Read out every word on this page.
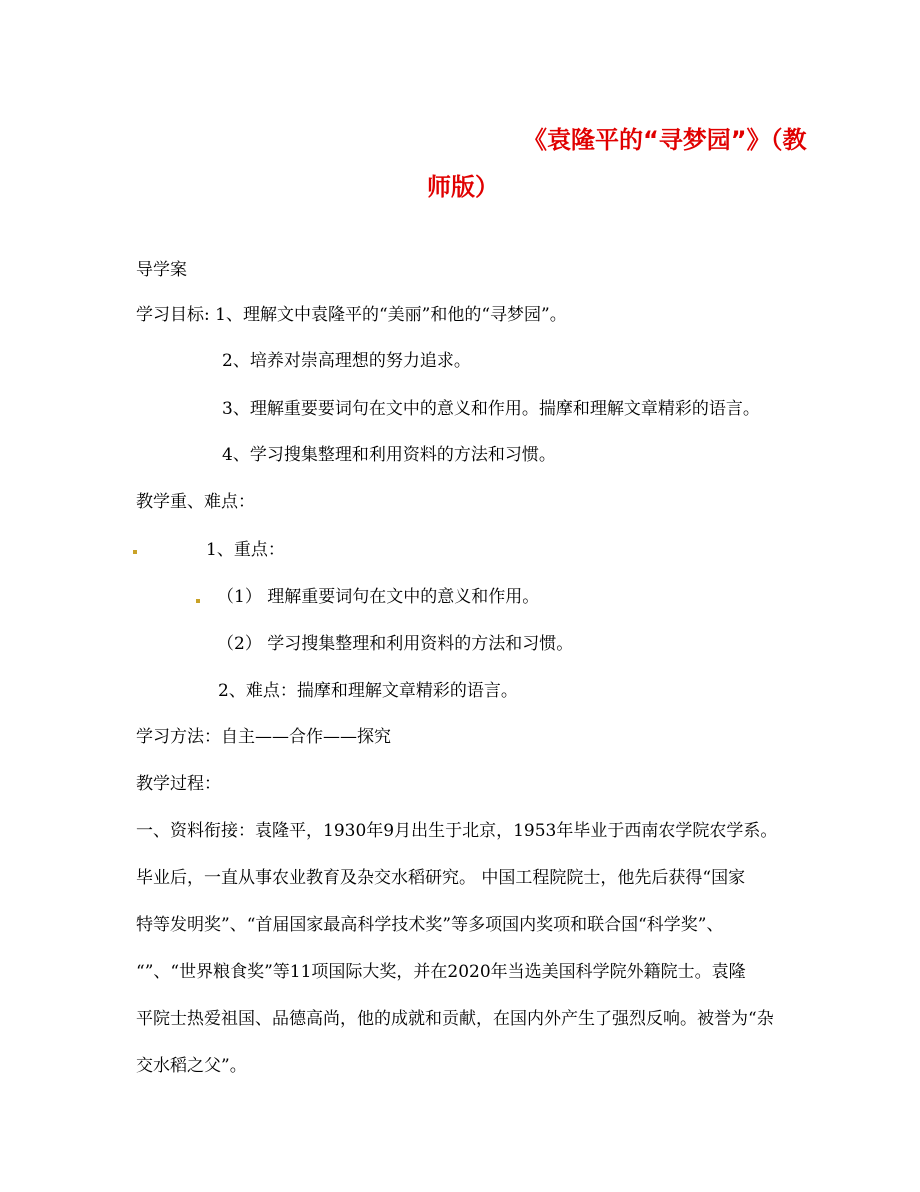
《袁隆平的“寻梦园”》（教
师版）
导学案
学习目标: 1、理解文中袁隆平的“美丽”和他的“寻梦园”。
2、培养对崇高理想的努力追求。
3、理解重要要词句在文中的意义和作用。揣摩和理解文章精彩的语言。
4、学习搜集整理和利用资料的方法和习惯。
教学重、难点：
1、重点：
（1） 理解重要词句在文中的意义和作用。
（2） 学习搜集整理和利用资料的方法和习惯。
2、难点：揣摩和理解文章精彩的语言。
学习方法：自主——合作——探究
教学过程：
一、资料衔接：袁隆平，1930年9月出生于北京，1953年毕业于西南农学院农学系。
毕业后，一直从事农业教育及杂交水稻研究。 中国工程院院士，他先后获得“国家
特等发明奖”、“首届国家最高科学技术奖”等多项国内奖项和联合国“科学奖”、
“”、“世界粮食奖”等11项国际大奖，并在2020年当选美国科学院外籍院士。袁隆
平院士热爱祖国、品德高尚，他的成就和贡献，在国内外产生了强烈反响。被誉为“杂
交水稻之父”。
